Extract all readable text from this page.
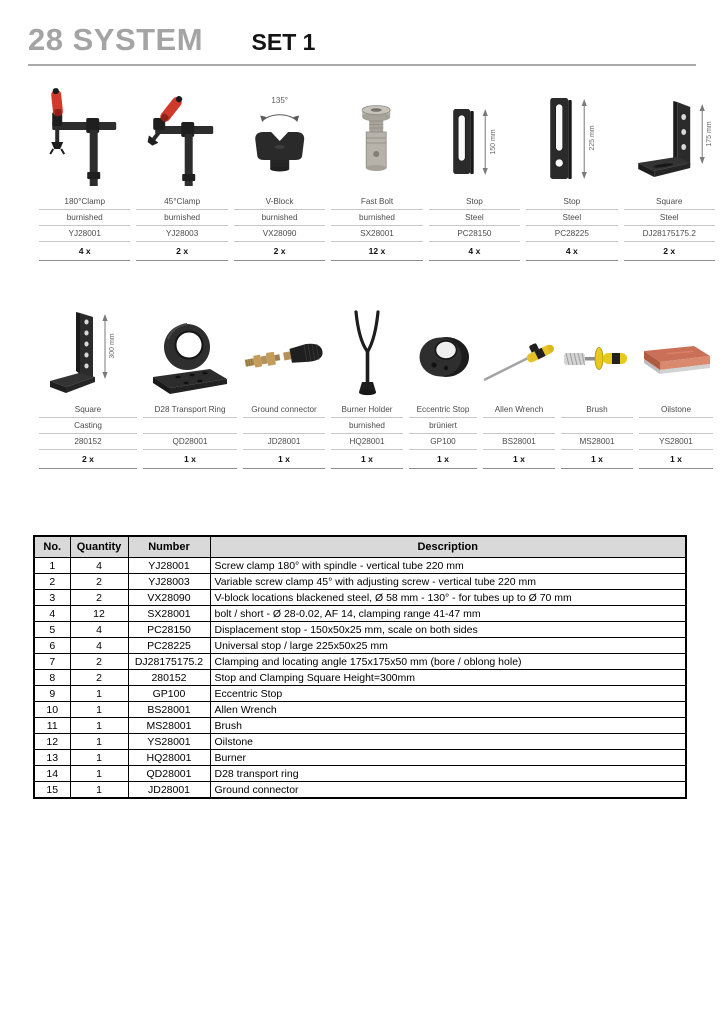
28 SYSTEM SET 1
180°Clamp
burnished
YJ28001
4 x
45°Clamp
burnished
YJ28003
2 x
135°
V-Block
burnished
VX28090
2 x
Fast Bolt
burnished
SX28001
12 x
150 mm
Stop
Steel
PC28150
4 x
225 mm
Stop
Steel
PC28225
4 x
175 mm
Square
Steel
DJ28175175.2
2 x
300 mm
Square
Casting
280152
2 x
D28 Transport Ring
QD28001
1 x
Ground connector
JD28001
1 x
Burner Holder
burnished
HQ28001
1 x
Eccentric Stop
brüniert
GP100
1 x
Allen Wrench
BS28001
1 x
Brush
MS28001
1 x
Oilstone
YS28001
1 x
No.	Quantity	Number	Description
1	4	YJ28001	Screw clamp 180° with spindle - vertical tube 220 mm
2	2	YJ28003	Variable screw clamp 45° with adjusting screw - vertical tube 220 mm
3	2	VX28090	V-block locations blackened steel, Ø 58 mm - 130° - for tubes up to Ø 70 mm
4	12	SX28001	bolt / short - Ø 28-0.02, AF 14, clamping range 41-47 mm
5	4	PC28150	Displacement stop - 150x50x25 mm, scale on both sides
6	4	PC28225	Universal stop / large 225x50x25 mm
7	2	DJ28175175.2	Clamping and locating angle 175x175x50 mm (bore / oblong hole)
8	2	280152	Stop and Clamping Square Height=300mm
9	1	GP100	Eccentric Stop
10	1	BS28001	Allen Wrench
11	1	MS28001	Brush
12	1	YS28001	Oilstone
13	1	HQ28001	Burner
14	1	QD28001	D28 transport ring
15	1	JD28001	Ground connector
